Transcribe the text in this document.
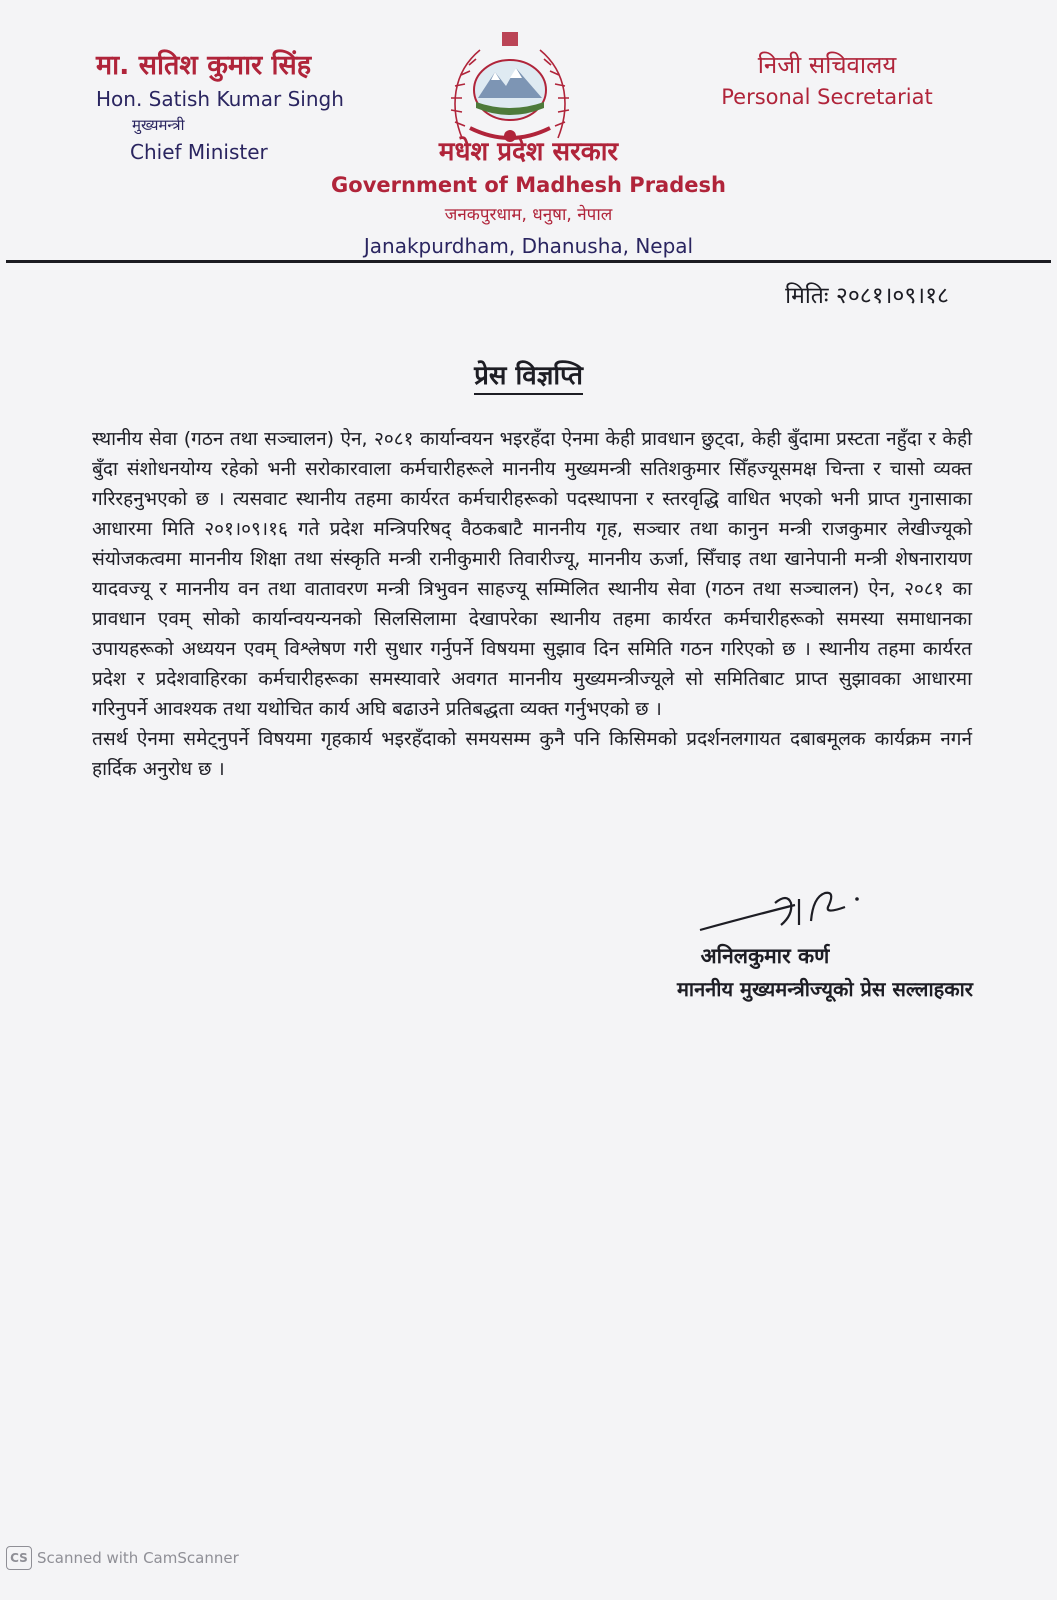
मा. सतिश कुमार सिंह
Hon. Satish Kumar Singh
मुख्यमन्त्री
Chief Minister
निजी सचिवालय
Personal Secretariat
मधेश प्रदेश सरकार
Government of Madhesh Pradesh
जनकपुरधाम, धनुषा, नेपाल
Janakpurdham, Dhanusha, Nepal
मितिः २०८१।०९।१८
प्रेस विज्ञप्ति

स्थानीय सेवा (गठन तथा सञ्चालन) ऐन, २०८१ कार्यान्वयन भइरहँदा ऐनमा केही प्रावधान छुट्दा, केही बुँदामा प्रस्टता नहुँदा र केही बुँदा संशोधनयोग्य रहेको भनी सरोकारवाला कर्मचारीहरूले माननीय मुख्यमन्त्री सतिशकुमार सिँहज्यूसमक्ष चिन्ता र चासो व्यक्त गरिरहनुभएको छ । त्यसवाट स्थानीय तहमा कार्यरत कर्मचारीहरूको पदस्थापना र स्तरवृद्धि वाधित भएको भनी प्राप्त गुनासाका आधारमा मिति २०१।०९।१६ गते प्रदेश मन्त्रिपरिषद् वैठकबाटै माननीय गृह, सञ्चार तथा कानुन मन्त्री राजकुमार लेखीज्यूको संयोजकत्वमा माननीय शिक्षा तथा संस्कृति मन्त्री रानीकुमारी तिवारीज्यू, माननीय ऊर्जा, सिँचाइ तथा खानेपानी मन्त्री शेषनारायण यादवज्यू र माननीय वन तथा वातावरण मन्त्री त्रिभुवन साहज्यू सम्मिलित स्थानीय सेवा (गठन तथा सञ्चालन) ऐन, २०८१ का प्रावधान एवम् सोको कार्यान्वयन्यनको सिलसिलामा देखापरेका स्थानीय तहमा कार्यरत कर्मचारीहरूको समस्या समाधानका उपायहरूको अध्ययन एवम् विश्लेषण गरी सुधार गर्नुपर्ने विषयमा सुझाव दिन समिति गठन गरिएको छ । स्थानीय तहमा कार्यरत प्रदेश र प्रदेशवाहिरका कर्मचारीहरूका समस्यावारे अवगत माननीय मुख्यमन्त्रीज्यूले सो समितिबाट प्राप्त सुझावका आधारमा गरिनुपर्ने आवश्यक तथा यथोचित कार्य अघि बढाउने प्रतिबद्धता व्यक्त गर्नुभएको छ ।

तसर्थ ऐनमा समेट्नुपर्ने विषयमा गृहकार्य भइरहँदाको समयसम्म कुनै पनि किसिमको प्रदर्शनलगायत दबाबमूलक कार्यक्रम नगर्न हार्दिक अनुरोध छ ।

अनिलकुमार कर्ण
माननीय मुख्यमन्त्रीज्यूको प्रेस सल्लाहकार
CS Scanned with CamScanner
